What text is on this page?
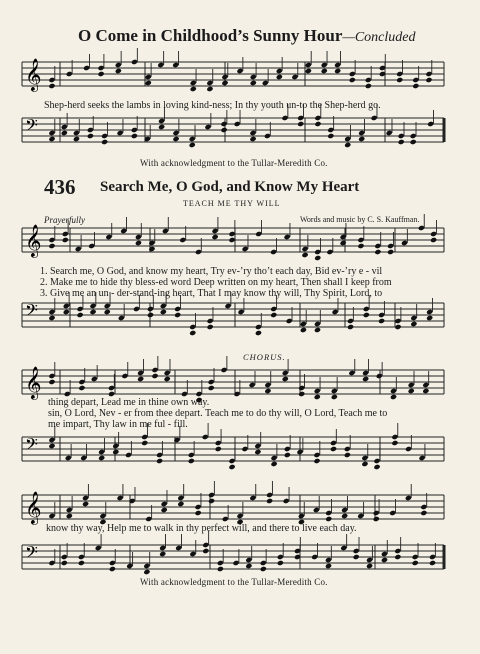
𝄞
𝄢
𝄞
𝄢
𝄞
𝄢
𝄞
𝄢
O Come in Childhood’s Sunny Hour—Concluded
Shep-herd seeks the lambs in loving kind-ness; In thy youth un-to the Shep-herd go.
With acknowledgment to the Tullar-Meredith Co.
436 Search Me, O God, and Know My Heart
TEACH ME THY WILL
Prayerfully	Words and music by C. S. Kauffman.
1. Search me, O God, and know my heart, Try ev-’ry tho’t each day, Bid ev-’ry e - vil
2. Make me to hide thy bless-ed word Deep written on my heart, Then shall I keep from
3. Give me an un - der-stand-ing heart, That I may know thy will, Thy Spirit, Lord, to
CHORUS.
thing depart, Lead me in thine own way.
sin, O Lord, Nev - er from thee depart. Teach me to do thy will, O Lord, Teach me to
me impart, Thy law in me ful - fill.
know thy way, Help me to walk in thy perfect will, and there to live each day.
With acknowledgment to the Tullar-Meredith Co.
